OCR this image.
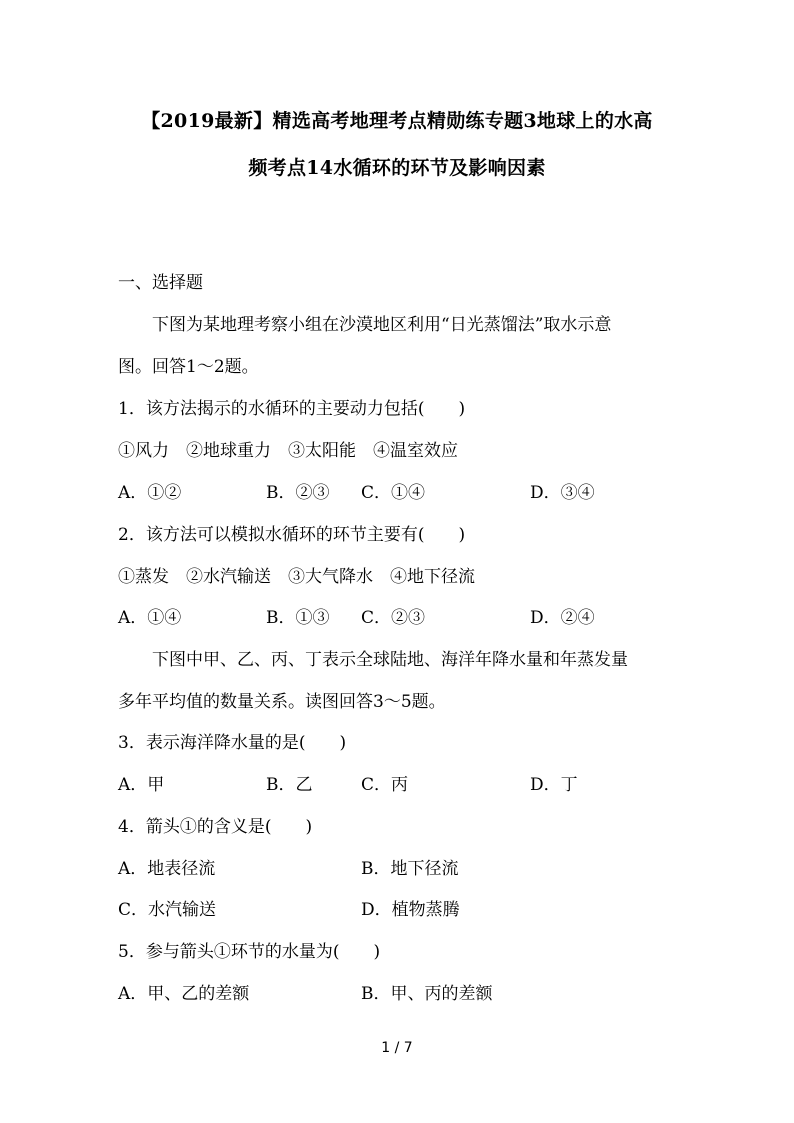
【2019最新】精选高考地理考点精勋练专题3地球上的水高
频考点14水循环的环节及影响因素
一、选择题
下图为某地理考察小组在沙漠地区利用“日光蒸馏法”取水示意
图。回答1～2题。
1．该方法揭示的水循环的主要动力包括(　　)
①风力　②地球重力　③太阳能　④温室效应
A．①②	B．②③ C．①④	D．③④
2．该方法可以模拟水循环的环节主要有(　　)
①蒸发　②水汽输送　③大气降水　④地下径流
A．①④	B．①③ C．②③	D．②④
下图中甲、乙、丙、丁表示全球陆地、海洋年降水量和年蒸发量
多年平均值的数量关系。读图回答3～5题。
3．表示海洋降水量的是(　　)
A．甲	B．乙	C．丙	D．丁
4．箭头①的含义是(　　)
A．地表径流	B．地下径流
C．水汽输送	D．植物蒸腾
5．参与箭头①环节的水量为(　　)
A．甲、乙的差额	B．甲、丙的差额
1 / 7
